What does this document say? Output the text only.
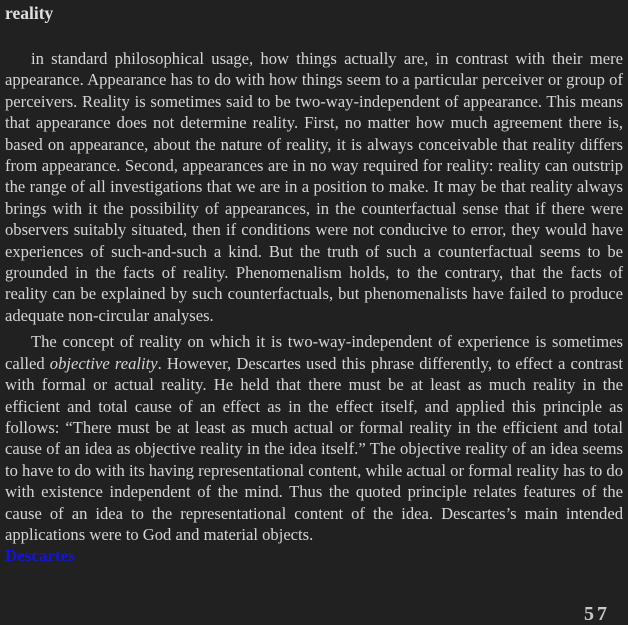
reality

in standard philosophical usage, how things actually are, in contrast with their mere appearance. Appearance has to do with how things seem to a particular perceiver or group of perceivers. Reality is sometimes said to be two-way-independent of appearance. This means that appearance does not determine reality. First, no matter how much agreement there is, based on appearance, about the nature of reality, it is always conceivable that reality differs from appearance. Second, appearances are in no way required for reality: reality can outstrip the range of all investigations that we are in a position to make. It may be that reality always brings with it the possibility of appearances, in the counterfactual sense that if there were observers suitably situated, then if conditions were not conducive to error, they would have experiences of such-and-such a kind. But the truth of such a counterfactual seems to be grounded in the facts of reality. Phenomenalism holds, to the contrary, that the facts of reality can be explained by such counterfactuals, but phenomenalists have failed to produce adequate non-circular analyses.

The concept of reality on which it is two-way-independent of experience is sometimes called objective reality. However, Descartes used this phrase differently, to effect a contrast with formal or actual reality. He held that there must be at least as much reality in the efficient and total cause of an effect as in the effect itself, and applied this principle as follows: “There must be at least as much actual or formal reality in the efficient and total cause of an idea as objective reality in the idea itself.” The objective reality of an idea seems to have to do with its having representational content, while actual or formal reality has to do with existence independent of the mind. Thus the quoted principle relates features of the cause of an idea to the representational content of the idea. Descartes’s main intended applications were to God and material objects.

Descartes

57
